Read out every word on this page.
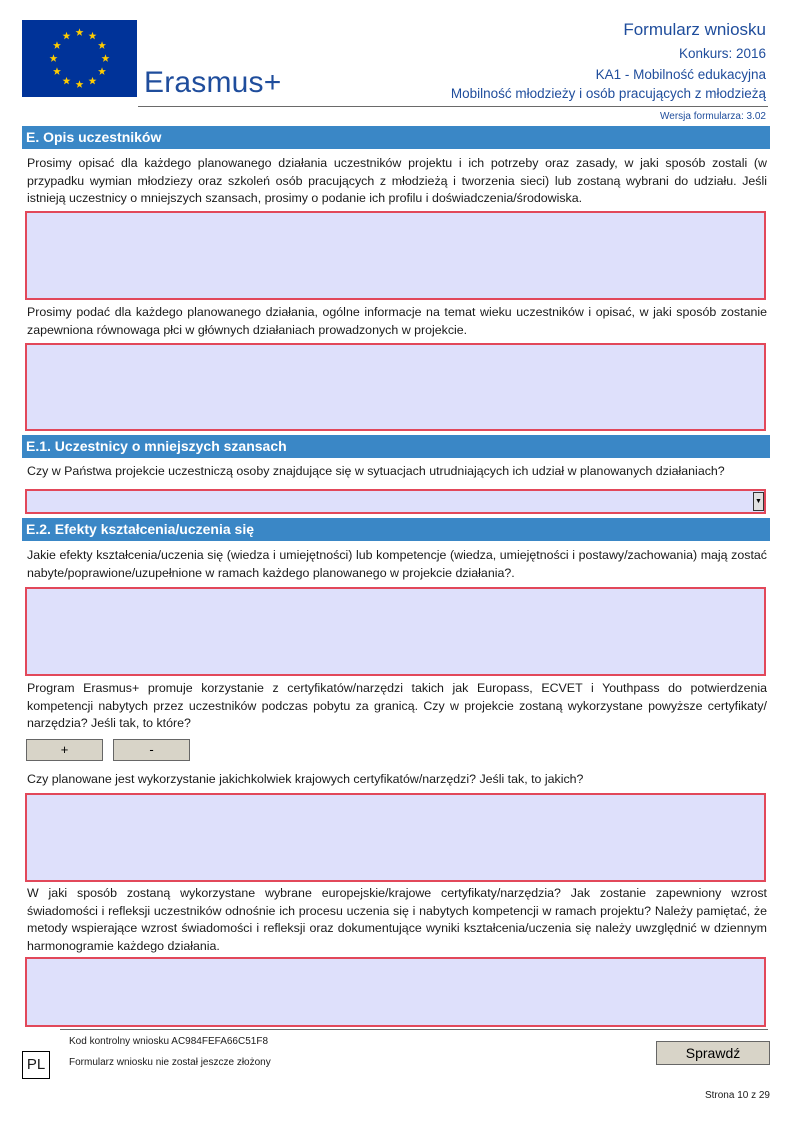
Erasmus+
Formularz wniosku
Konkurs: 2016
KA1 - Mobilność edukacyjna
Mobilność młodzieży i osób pracujących z młodzieżą
Wersja formularza: 3.02
E. Opis uczestników
Prosimy opisać dla każdego planowanego działania uczestników projektu i ich potrzeby oraz zasady, w jaki sposób zostali (w przypadku wymian młodziezy oraz szkoleń osób pracujących z młodzieżą i tworzenia sieci) lub zostaną wybrani do udziału. Jeśli istnieją uczestnicy o mniejszych szansach, prosimy o podanie ich profilu i doświadczenia/środowiska.
Prosimy podać dla każdego planowanego działania, ogólne informacje na temat wieku uczestników i opisać, w jaki sposób zostanie zapewniona równowaga płci w głównych działaniach prowadzonych w projekcie.
E.1. Uczestnicy o mniejszych szansach
Czy w Państwa projekcie uczestniczą osoby znajdujące się w sytuacjach utrudniających ich udział w planowanych działaniach?
▼
E.2. Efekty kształcenia/uczenia się
Jakie efekty kształcenia/uczenia się (wiedza i umiejętności) lub kompetencje (wiedza, umiejętności i postawy/zachowania) mają zostać nabyte/poprawione/uzupełnione w ramach każdego planowanego w projekcie działania?.
Program Erasmus+ promuje korzystanie z certyfikatów/narzędzi takich jak Europass, ECVET i Youthpass do potwierdzenia kompetencji nabytych przez uczestników podczas pobytu za granicą. Czy w projekcie zostaną wykorzystane powyższe certyfikaty/ narzędzia? Jeśli tak, to które?
+	-
Czy planowane jest wykorzystanie jakichkolwiek krajowych certyfikatów/narzędzi? Jeśli tak, to jakich?
W jaki sposób zostaną wykorzystane wybrane europejskie/krajowe certyfikaty/narzędzia? Jak zostanie zapewniony wzrost świadomości i refleksji uczestników odnośnie ich procesu uczenia się i nabytych kompetencji w ramach projektu? Należy pamiętać, że metody wspierające wzrost świadomości i refleksji oraz dokumentujące wyniki kształcenia/uczenia się należy uwzględnić w dziennym harmonogramie każdego działania.
Kod kontrolny wniosku AC984FEFA66C51F8
Formularz wniosku nie został jeszcze złożony
PL
Sprawdź
Strona 10 z 29
